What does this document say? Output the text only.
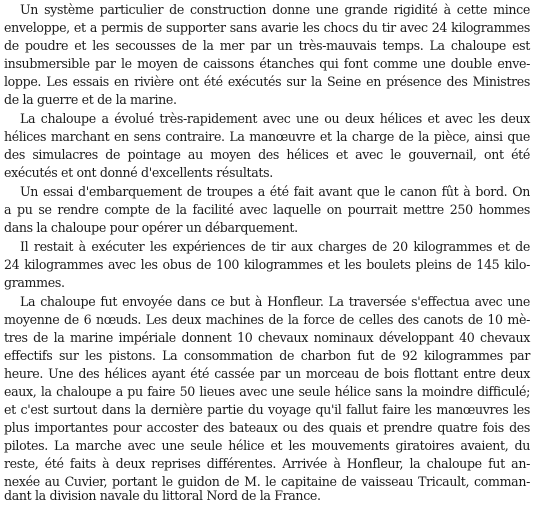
Un système particulier de construction donne une grande rigidité à cette mince
enveloppe, et a permis de supporter sans avarie les chocs du tir avec 24 kilogrammes
de poudre et les secousses de la mer par un très-mauvais temps. La chaloupe est
insubmersible par le moyen de caissons étanches qui font comme une double enve-
loppe. Les essais en rivière ont été exécutés sur la Seine en présence des Ministres
de la guerre et de la marine.
La chaloupe a évolué très-rapidement avec une ou deux hélices et avec les deux
hélices marchant en sens contraire. La manœuvre et la charge de la pièce, ainsi que
des simulacres de pointage au moyen des hélices et avec le gouvernail, ont été
exécutés et ont donné d'excellents résultats.
Un essai d'embarquement de troupes a été fait avant que le canon fût à bord. On
a pu se rendre compte de la facilité avec laquelle on pourrait mettre 250 hommes
dans la chaloupe pour opérer un débarquement.
Il restait à exécuter les expériences de tir aux charges de 20 kilogrammes et de
24 kilogrammes avec les obus de 100 kilogrammes et les boulets pleins de 145 kilo-
grammes.
La chaloupe fut envoyée dans ce but à Honfleur. La traversée s'effectua avec une
moyenne de 6 nœuds. Les deux machines de la force de celles des canots de 10 mè-
tres de la marine impériale donnent 10 chevaux nominaux développant 40 chevaux
effectifs sur les pistons. La consommation de charbon fut de 92 kilogrammes par
heure. Une des hélices ayant été cassée par un morceau de bois flottant entre deux
eaux, la chaloupe a pu faire 50 lieues avec une seule hélice sans la moindre difficulé;
et c'est surtout dans la dernière partie du voyage qu'il fallut faire les manœuvres les
plus importantes pour accoster des bateaux ou des quais et prendre quatre fois des
pilotes. La marche avec une seule hélice et les mouvements giratoires avaient, du
reste, été faits à deux reprises différentes. Arrivée à Honfleur, la chaloupe fut an-
nexée au Cuvier, portant le guidon de M. le capitaine de vaisseau Tricault, comman-
dant la division navale du littoral Nord de la France.
